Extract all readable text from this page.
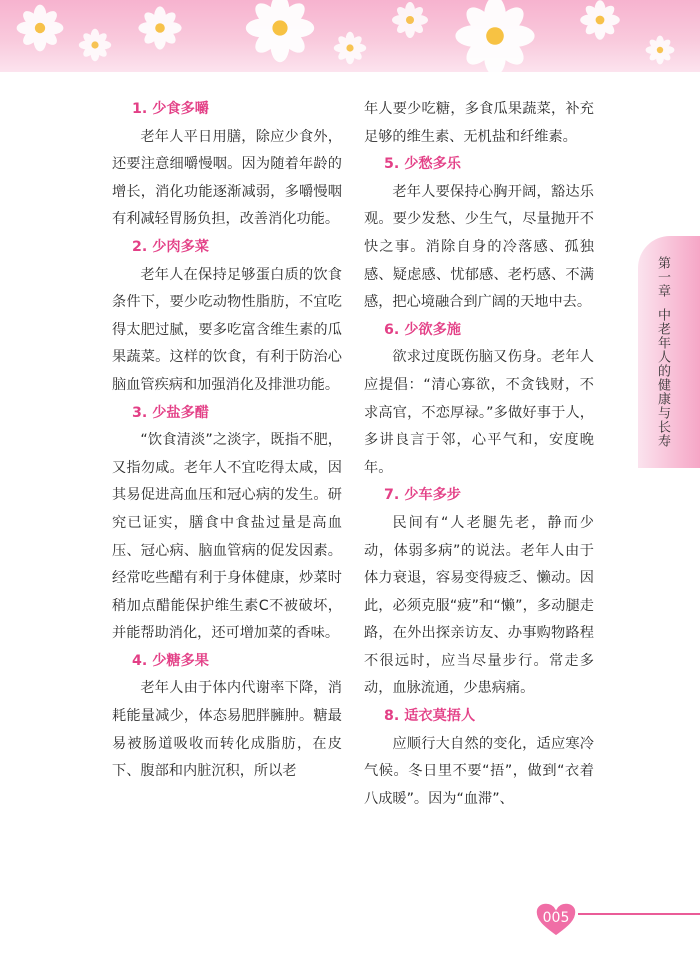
1. 少食多嚼

老年人平日用膳，除应少食外，还要注意细嚼慢咽。因为随着年龄的增长，消化功能逐渐减弱，多嚼慢咽有利减轻胃肠负担，改善消化功能。

2. 少肉多菜

老年人在保持足够蛋白质的饮食条件下，要少吃动物性脂肪，不宜吃得太肥过腻，要多吃富含维生素的瓜果蔬菜。这样的饮食，有利于防治心脑血管疾病和加强消化及排泄功能。

3. 少盐多醋

“饮食清淡”之淡字，既指不肥，又指勿咸。老年人不宜吃得太咸，因其易促进高血压和冠心病的发生。研究已证实，膳食中食盐过量是高血压、冠心病、脑血管病的促发因素。经常吃些醋有利于身体健康，炒菜时稍加点醋能保护维生素C不被破坏，并能帮助消化，还可增加菜的香味。

4. 少糖多果

老年人由于体内代谢率下降，消耗能量减少，体态易肥胖臃肿。糖最易被肠道吸收而转化成脂肪，在皮下、腹部和内脏沉积，所以老

年人要少吃糖，多食瓜果蔬菜，补充足够的维生素、无机盐和纤维素。

5. 少愁多乐

老年人要保持心胸开阔，豁达乐观。要少发愁、少生气，尽量抛开不快之事。消除自身的冷落感、孤独感、疑虑感、忧郁感、老朽感、不满感，把心境融合到广阔的天地中去。

6. 少欲多施

欲求过度既伤脑又伤身。老年人应提倡：“清心寡欲，不贪钱财，不求高官，不恋厚禄。”多做好事于人，多讲良言于邻，心平气和，安度晚年。

7. 少车多步

民间有“人老腿先老，静而少动，体弱多病”的说法。老年人由于体力衰退，容易变得疲乏、懒动。因此，必须克服“疲”和“懒”，多动腿走路，在外出探亲访友、办事购物路程不很远时，应当尽量步行。常走多动，血脉流通，少患病痛。

8. 适衣莫捂人

应顺行大自然的变化，适应寒冷气候。冬日里不要“捂”，做到“衣着八成暖”。因为“血滞”、

第一章中老年人的健康与长寿
005
